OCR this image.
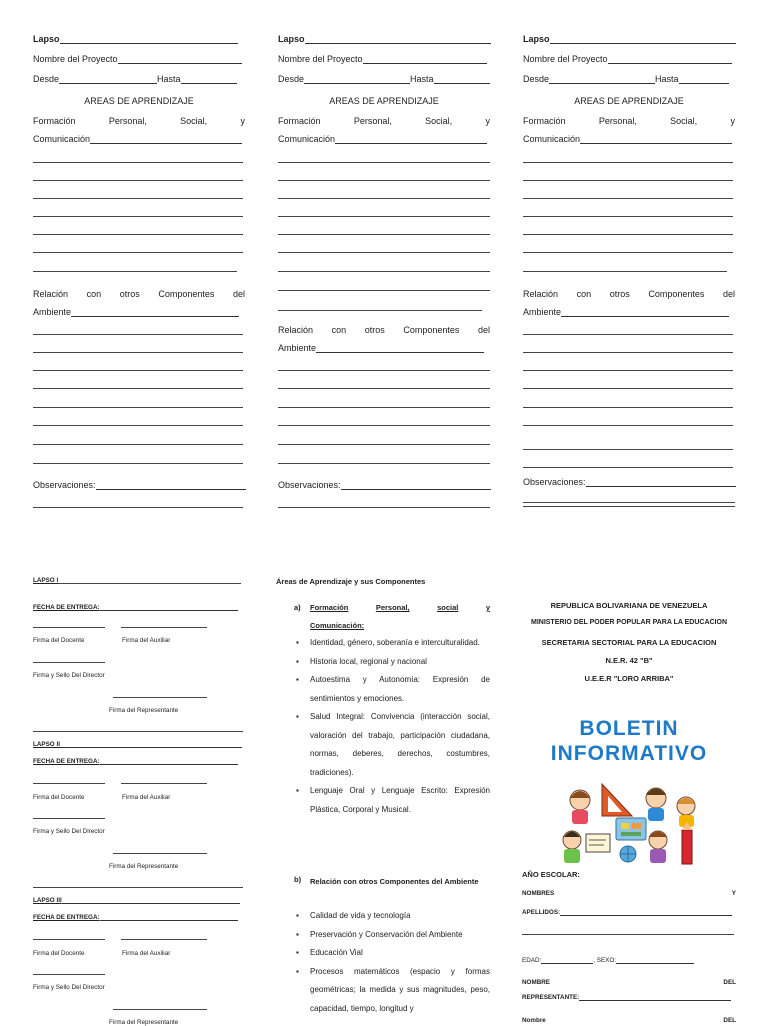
Lapso
Nombre del Proyecto
Desde	Hasta
AREAS DE APRENDIZAJE
Formación	Personal,	Social,	y
Comunicación
Relación con otros Componentes del
Ambiente
Observaciones:
Lapso
Nombre del Proyecto
Desde	Hasta
AREAS DE APRENDIZAJE
Formación	Personal,	Social,	y
Comunicación
Relación con otros Componentes del
Ambiente
Observaciones:
Lapso
Nombre del Proyecto
Desde	Hasta
AREAS DE APRENDIZAJE
Formación	Personal,	Social,	y
Comunicación
Relación con otros Componentes del
Ambiente
Observaciones:
LAPSO I
FECHA DE ENTREGA:
Firma del Docente	Firma del Auxiliar
Firma y Sello Del Director
Firma del Representante
LAPSO II
FECHA DE ENTREGA:
Firma del Docente	Firma del Auxiliar
Firma y Sello Del Director
Firma del Representante
LAPSO III
FECHA DE ENTREGA:
Firma del Docente	Firma del Auxiliar
Firma y Sello Del Director
Firma del Representante
Áreas de Aprendizaje y sus Componentes
a) Formación	Personal,	social	y
Comunicación:
▪ Identidad, género, soberanía e interculturalidad.
▪ Historia local, regional y nacional
▪ Autoestima y Autonomía: Expresión de sentimientos y emociones.
▪ Salud Integral: Convivencia (interacción social, valoración del trabajo, participación ciudadana, normas, deberes, derechos, costumbres, tradiciones).
▪ Lenguaje Oral y Lenguaje Escrito: Expresión Plástica, Corporal y Musical.
b) Relación con otros Componentes del Ambiente
▪ Calidad de vida y tecnología
▪ Preservación y Conservación del Ambiente
▪ Educación Vial
▪ Procesos matemáticos (espacio y formas geométricas; la medida y sus magnitudes, peso, capacidad, tiempo, longitud y
REPUBLICA BOLIVARIANA DE VENEZUELA
MINISTERIO DEL PODER POPULAR PARA LA EDUCACION
SECRETARIA SECTORIAL PARA LA EDUCACION
N.E.R. 42 "B"
U.E.E.R "LORO ARRIBA"
BOLETIN
INFORMATIVO
AÑO ESCOLAR:
NOMBRES	Y
APELLIDOS:
EDAD:	, SEXO:
NOMBRE	DEL
REPRESENTANTE:
Nombre	DEL
